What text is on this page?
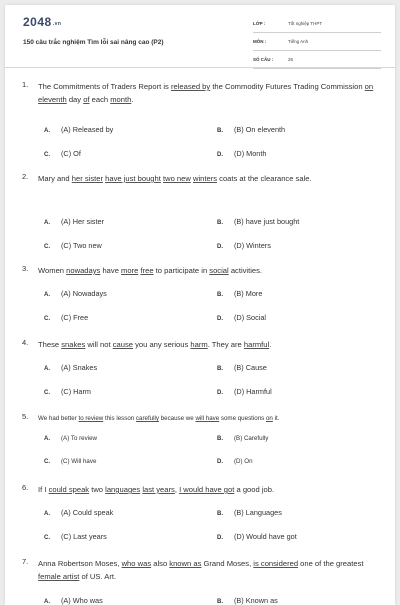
$2048_{.vn}$
150 câu trắc nghiệm Tìm lỗi sai nâng cao (P2)
LỚP :	Tốt nghiệp THPT
MÔN :	Tiếng Anh
SỐ CÂU :	25
1. The Commitments of Traders Report is released by the Commodity Futures Trading Commission on eleventh day of each month.
A. (A) Released by	B. (B) On eleventh
C. (C) Of	D. (D) Month
2. Mary and her sister have just bought two new winters coats at the clearance sale.
A. (A) Her sister	B. (B) have just bought
C. (C) Two new	D. (D) Winters
3. Women nowadays have more free to participate in social activities.
A. (A) Nowadays	B. (B) More
C. (C) Free	D. (D) Social
4. These snakes will not cause you any serious harm. They are harmful.
A. (A) Snakes	B. (B) Cause
C. (C) Harm	D. (D) Harmful
5. We had better to review this lesson carefully because we will have some questions on it.
A. (A) To review	B. (B) Carefully
C. (C) Will have	D. (D) On
6. If I could speak two languages last years, I would have got a good job.
A. (A) Could speak	B. (B) Languages
C. (C) Last years	D. (D) Would have got
7. Anna Robertson Moses, who was also known as Grand Moses, is considered one of the greatest female artist of US. Art.
A. (A) Who was	B. (B) Known as
